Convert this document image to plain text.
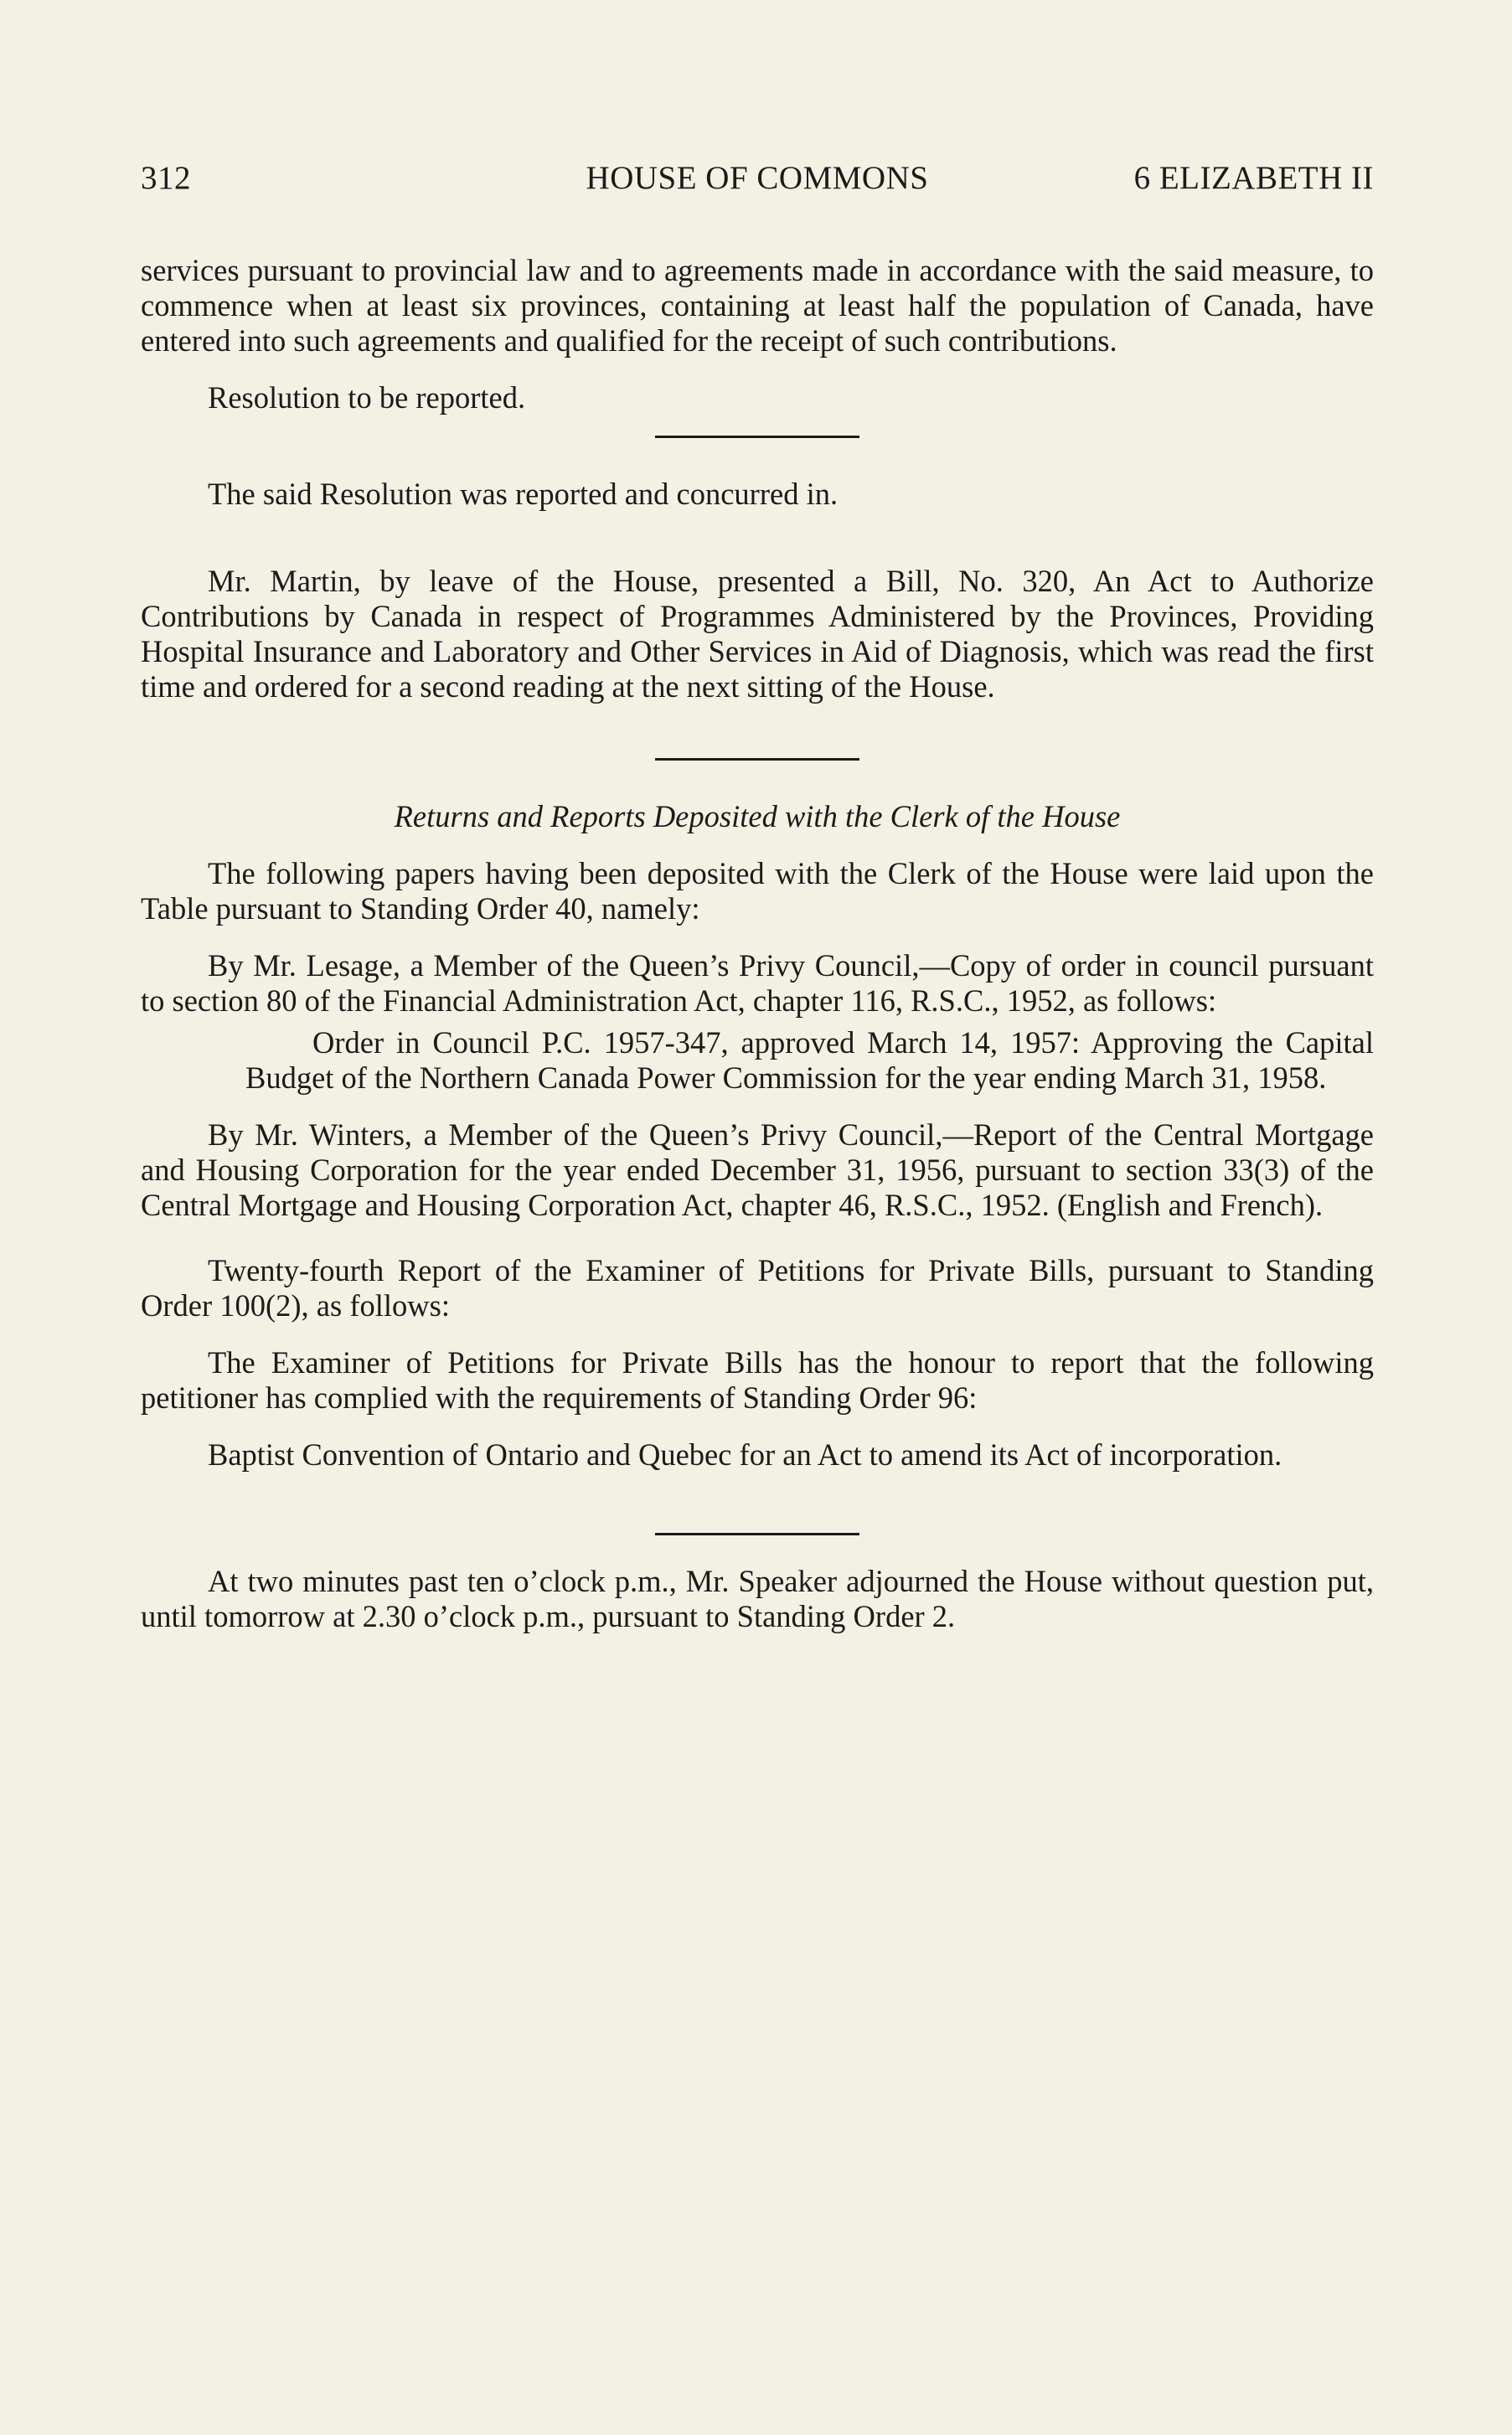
312	HOUSE OF COMMONS	6 ELIZABETH II

services pursuant to provincial law and to agreements made in accordance with the said measure, to commence when at least six provinces, containing at least half the population of Canada, have entered into such agreements and qualified for the receipt of such contributions.

Resolution to be reported.

The said Resolution was reported and concurred in.

Mr. Martin, by leave of the House, presented a Bill, No. 320, An Act to Authorize Contributions by Canada in respect of Programmes Administered by the Provinces, Providing Hospital Insurance and Laboratory and Other Services in Aid of Diagnosis, which was read the first time and ordered for a second reading at the next sitting of the House.

Returns and Reports Deposited with the Clerk of the House

The following papers having been deposited with the Clerk of the House were laid upon the Table pursuant to Standing Order 40, namely:

By Mr. Lesage, a Member of the Queen’s Privy Council,—Copy of order in council pursuant to section 80 of the Financial Administration Act, chapter 116, R.S.C., 1952, as follows:

Order in Council P.C. 1957-347, approved March 14, 1957: Approving the Capital Budget of the Northern Canada Power Commission for the year ending March 31, 1958.

By Mr. Winters, a Member of the Queen’s Privy Council,—Report of the Central Mortgage and Housing Corporation for the year ended December 31, 1956, pursuant to section 33(3) of the Central Mortgage and Housing Corporation Act, chapter 46, R.S.C., 1952. (English and French).

Twenty-fourth Report of the Examiner of Petitions for Private Bills, pursuant to Standing Order 100(2), as follows:

The Examiner of Petitions for Private Bills has the honour to report that the following petitioner has complied with the requirements of Standing Order 96:

Baptist Convention of Ontario and Quebec for an Act to amend its Act of incorporation.

At two minutes past ten o’clock p.m., Mr. Speaker adjourned the House without question put, until tomorrow at 2.30 o’clock p.m., pursuant to Standing Order 2.
